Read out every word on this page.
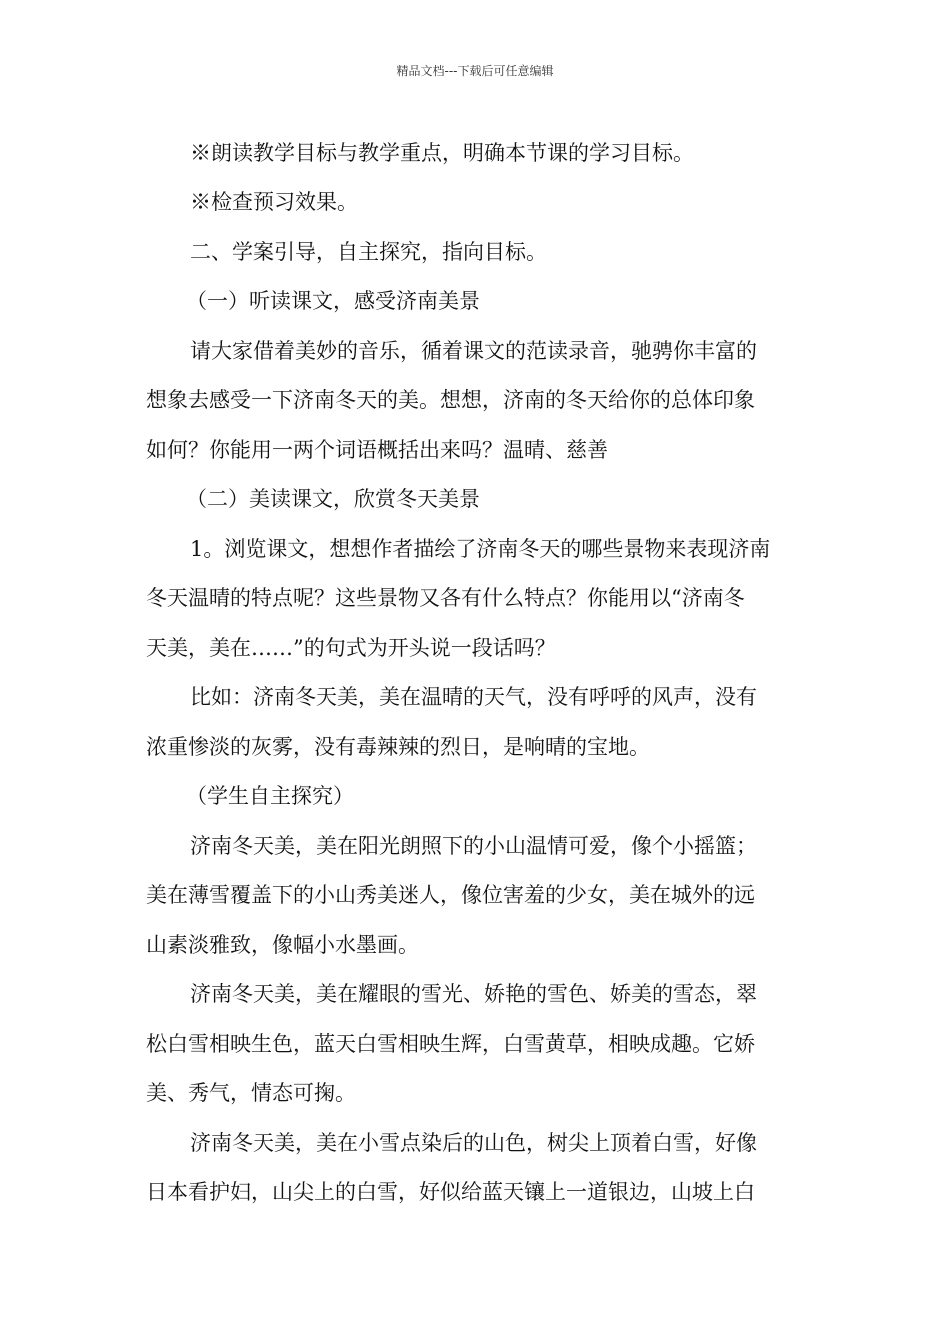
精品文档---下载后可任意编辑
※朗读教学目标与教学重点，明确本节课的学习目标。
※检查预习效果。
二、学案引导，自主探究，指向目标。
（一）听读课文，感受济南美景
请大家借着美妙的音乐，循着课文的范读录音，驰骋你丰富的
想象去感受一下济南冬天的美。想想，济南的冬天给你的总体印象
如何？你能用一两个词语概括出来吗？温晴、慈善
（二）美读课文，欣赏冬天美景
1。浏览课文，想想作者描绘了济南冬天的哪些景物来表现济南
冬天温晴的特点呢？这些景物又各有什么特点？你能用以“济南冬
天美，美在……”的句式为开头说一段话吗？
比如：济南冬天美，美在温晴的天气，没有呼呼的风声，没有
浓重惨淡的灰雾，没有毒辣辣的烈日，是响晴的宝地。
（学生自主探究）
济南冬天美，美在阳光朗照下的小山温情可爱，像个小摇篮；
美在薄雪覆盖下的小山秀美迷人，像位害羞的少女，美在城外的远
山素淡雅致，像幅小水墨画。
济南冬天美，美在耀眼的雪光、娇艳的雪色、娇美的雪态，翠
松白雪相映生色，蓝天白雪相映生辉，白雪黄草，相映成趣。它娇
美、秀气，情态可掬。
济南冬天美，美在小雪点染后的山色，树尖上顶着白雪，好像
日本看护妇，山尖上的白雪，好似给蓝天镶上一道银边，山坡上白
